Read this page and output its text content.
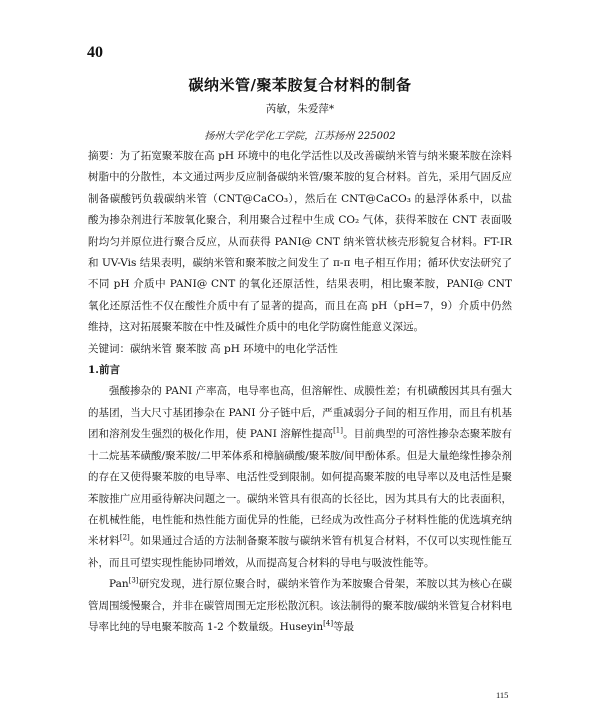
40
碳纳米管/聚苯胺复合材料的制备
芮敏，朱爱萍*
扬州大学化学化工学院，江苏扬州 225002

摘要：为了拓宽聚苯胺在高 pH 环境中的电化学活性以及改善碳纳米管与纳米聚苯胺在涂料树脂中的分散性，本文通过两步反应制备碳纳米管/聚苯胺的复合材料。首先，采用气固反应制备碳酸钙负载碳纳米管（CNT@CaCO₃），然后在 CNT@CaCO₃ 的悬浮体系中，以盐酸为掺杂剂进行苯胺氧化聚合，利用聚合过程中生成 CO₂ 气体，获得苯胺在 CNT 表面吸附均匀并原位进行聚合反应，从而获得 PANI@ CNT 纳米管状核壳形貌复合材料。FT-IR 和 UV-Vis 结果表明，碳纳米管和聚苯胺之间发生了 π-π 电子相互作用；循环伏安法研究了不同 pH 介质中 PANI@ CNT 的氧化还原活性，结果表明，相比聚苯胺，PANI@ CNT 氧化还原活性不仅在酸性介质中有了显著的提高，而且在高 pH（pH=7，9）介质中仍然维持，这对拓展聚苯胺在中性及碱性介质中的电化学防腐性能意义深远。

关键词：碳纳米管 聚苯胺 高 pH 环境中的电化学活性

1.前言

强酸掺杂的 PANI 产率高，电导率也高，但溶解性、成膜性差；有机磺酸因其具有强大的基团，当大尺寸基团掺杂在 PANI 分子链中后，严重减弱分子间的相互作用，而且有机基团和溶剂发生强烈的极化作用，使 PANI 溶解性提高[1]。目前典型的可溶性掺杂态聚苯胺有十二烷基苯磺酸/聚苯胺/二甲苯体系和樟脑磺酸/聚苯胺/间甲酚体系。但是大量绝缘性掺杂剂的存在又使得聚苯胺的电导率、电活性受到限制。如何提高聚苯胺的电导率以及电活性是聚苯胺推广应用亟待解决问题之一。碳纳米管具有很高的长径比，因为其具有大的比表面积，在机械性能，电性能和热性能方面优异的性能，已经成为改性高分子材料性能的优选填充纳米材料[2]。如果通过合适的方法制备聚苯胺与碳纳米管有机复合材料，不仅可以实现性能互补，而且可望实现性能协同增效，从而提高复合材料的导电与吸波性能等。

Pan[3]研究发现，进行原位聚合时，碳纳米管作为苯胺聚合骨架，苯胺以其为核心在碳管周围缓慢聚合，并非在碳管周围无定形松散沉积。该法制得的聚苯胺/碳纳米管复合材料电导率比纯的导电聚苯胺高 1-2 个数量级。Huseyin[4]等最

115
